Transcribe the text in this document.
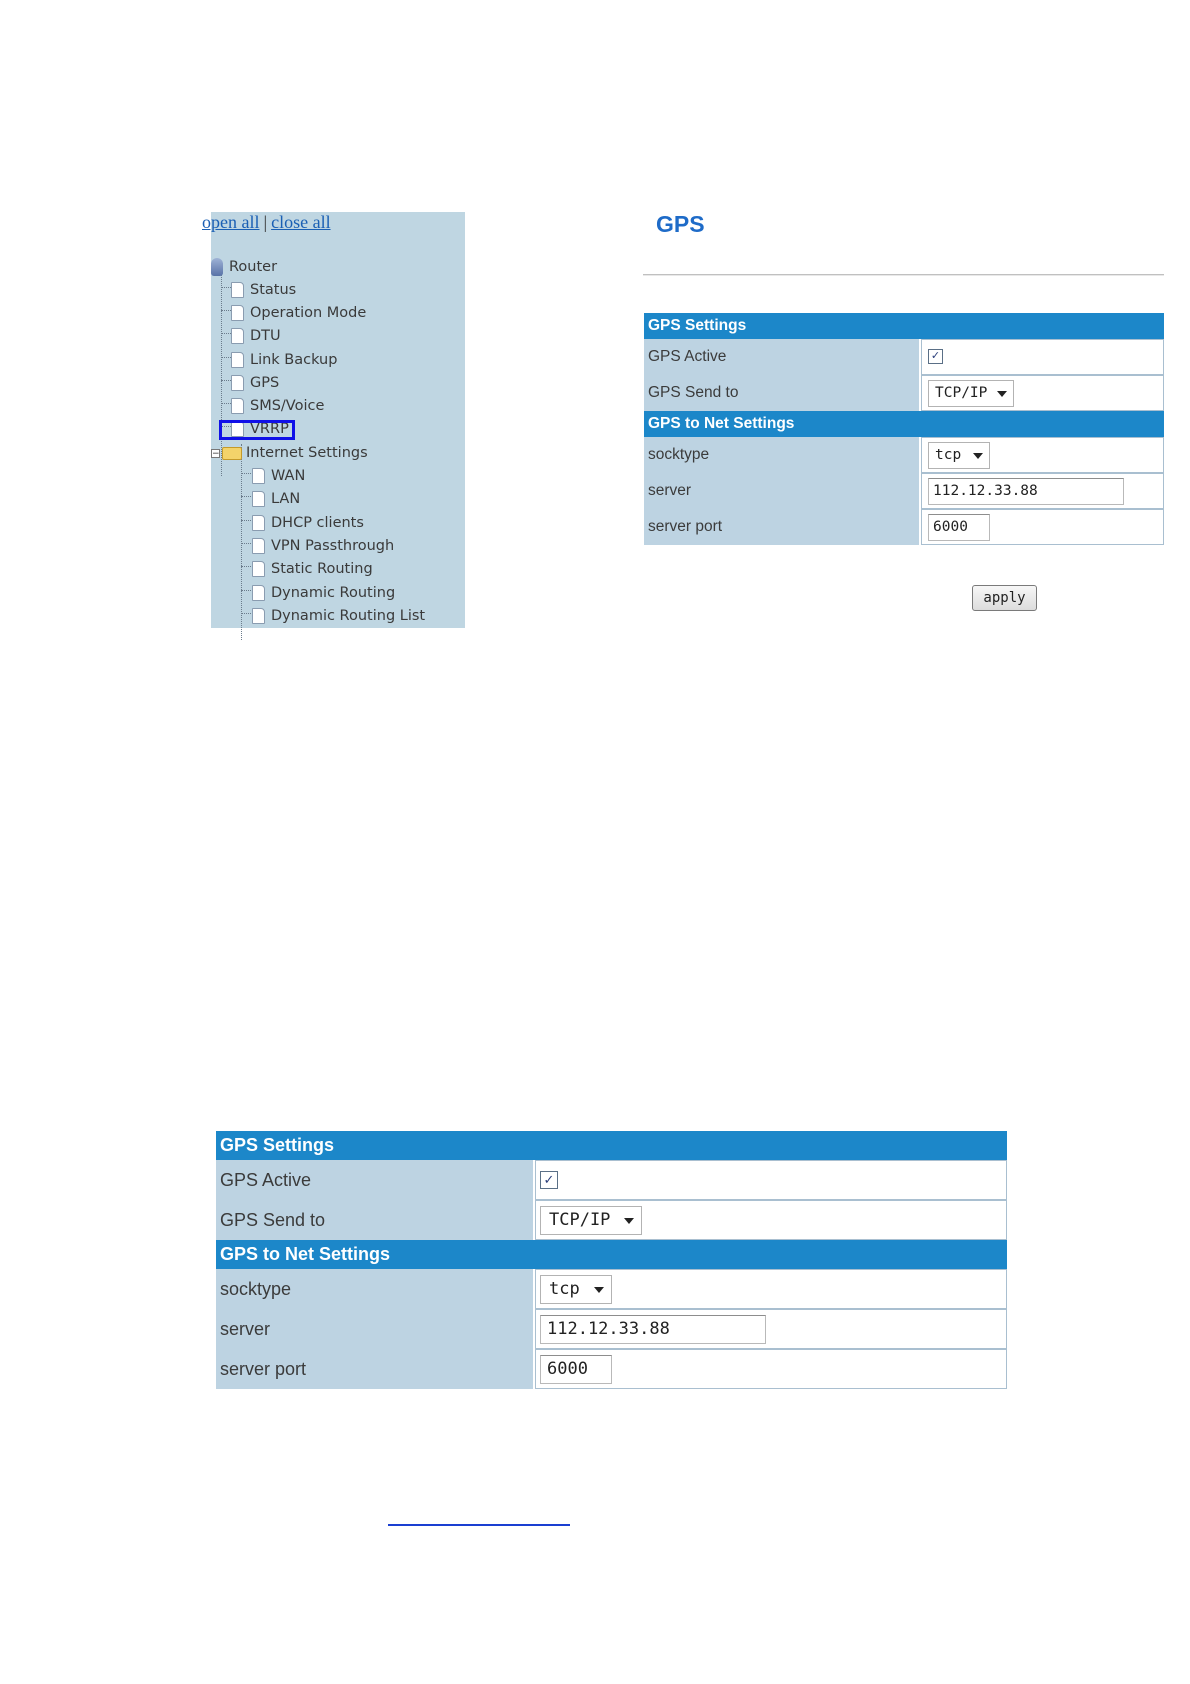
open all | close all
Router
Status
Operation Mode
DTU
Link Backup
GPS
SMS/Voice
VRRP
− Internet Settings
WAN
LAN
DHCP clients
VPN Passthrough
Static Routing
Dynamic Routing
Dynamic Routing List
GPS
GPS Settings	
GPS Active	✓
GPS Send to	TCP/IP

GPS to Net Settings	
socktype	tcp

server	112.12.33.88
server port	6000
apply
GPS Settings	
GPS Active	✓
GPS Send to	TCP/IP

GPS to Net Settings	
socktype	tcp

server	112.12.33.88
server port	6000
